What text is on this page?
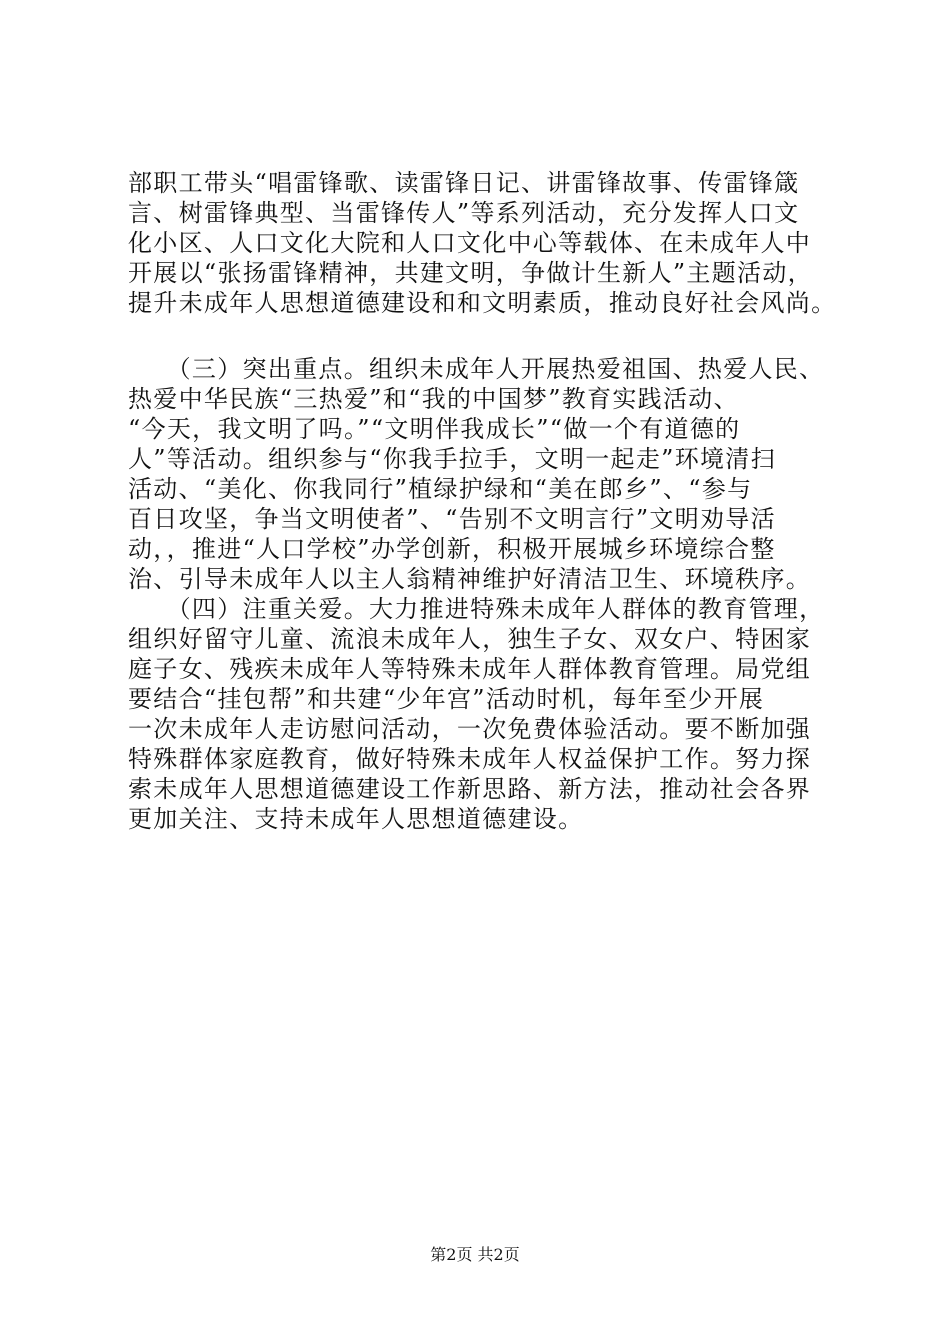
部职工带头“唱雷锋歌、读雷锋日记、讲雷锋故事、传雷锋箴
言、树雷锋典型、当雷锋传人”等系列活动，充分发挥人口文
化小区、人口文化大院和人口文化中心等载体、在未成年人中
开展以“张扬雷锋精神，共建文明，争做计生新人”主题活动，
提升未成年人思想道德建设和和文明素质，推动良好社会风尚。
　　（三）突出重点。组织未成年人开展热爱祖国、热爱人民、
热爱中华民族“三热爱”和“我的中国梦”教育实践活动、
“今天，我文明了吗。”“文明伴我成长”“做一个有道德的
人”等活动。组织参与“你我手拉手，文明一起走”环境清扫
活动、“美化、你我同行”植绿护绿和“美在郎乡”、“参与
百日攻坚，争当文明使者”、“告别不文明言行”文明劝导活
动，，推进“人口学校”办学创新，积极开展城乡环境综合整
治、引导未成年人以主人翁精神维护好清洁卫生、环境秩序。
　　（四）注重关爱。大力推进特殊未成年人群体的教育管理，
组织好留守儿童、流浪未成年人，独生子女、双女户、特困家
庭子女、残疾未成年人等特殊未成年人群体教育管理。局党组
要结合“挂包帮”和共建“少年宫”活动时机，每年至少开展
一次未成年人走访慰问活动，一次免费体验活动。要不断加强
特殊群体家庭教育，做好特殊未成年人权益保护工作。努力探
索未成年人思想道德建设工作新思路、新方法，推动社会各界
更加关注、支持未成年人思想道德建设。
第2页 共2页
